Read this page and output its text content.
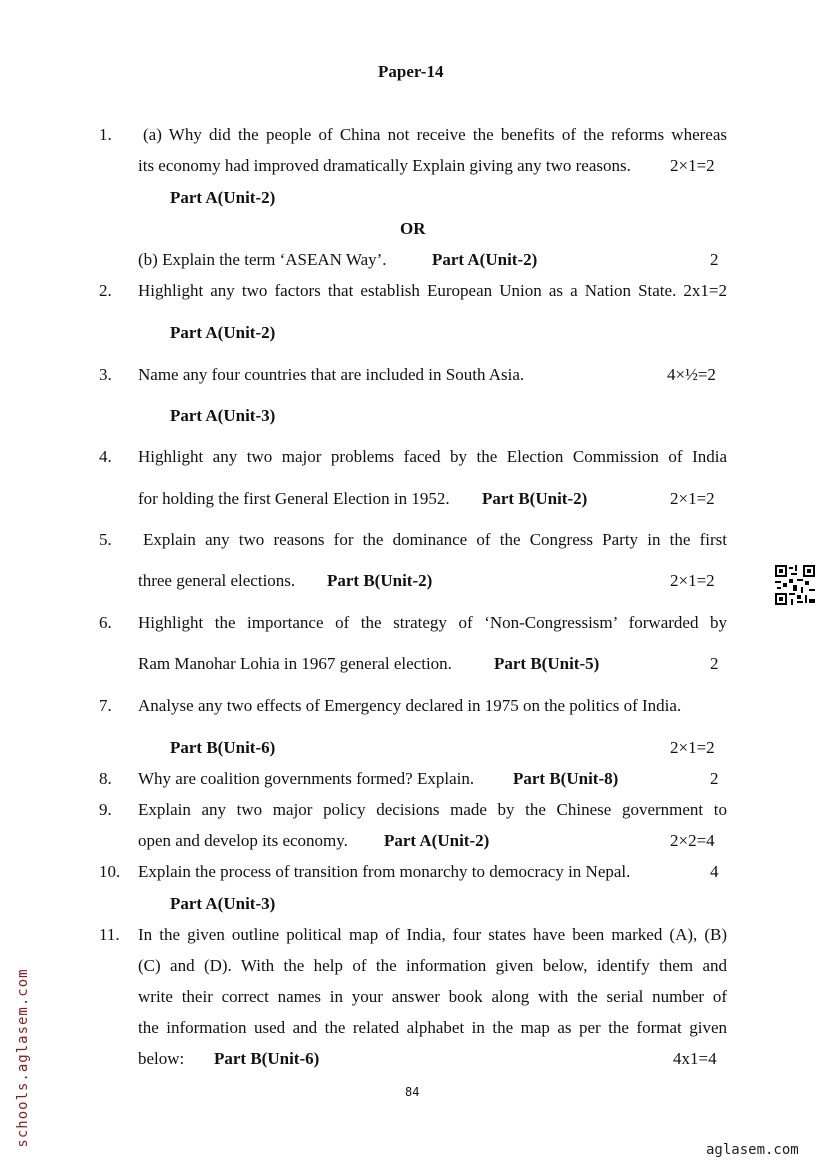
Paper-14
1. (a) Why did the people of China not receive the benefits of the reforms whereas
its economy had improved dramatically Explain giving any two reasons. 2×1=2
Part A(Unit-2)
OR
(b) Explain the term ‘ASEAN Way’.	Part A(Unit-2)	2
2. Highlight any two factors that establish European Union as a Nation State. 2x1=2
Part A(Unit-2)
3. Name any four countries that are included in South Asia.	4×½=2
Part A(Unit-3)
4. Highlight any two major problems faced by the Election Commission of India
for holding the first General Election in 1952. Part B(Unit-2)	2×1=2
5. Explain any two reasons for the dominance of the Congress Party in the first
three general elections. Part B(Unit-2)	2×1=2
6. Highlight the importance of the strategy of ‘Non-Congressism’ forwarded by
Ram Manohar Lohia in 1967 general election. Part B(Unit-5)	2
7. Analyse any two effects of Emergency declared in 1975 on the politics of India.
Part B(Unit-6)	2×1=2
8. Why are coalition governments formed? Explain. Part B(Unit-8)	2
9. Explain any two major policy decisions made by the Chinese government to
open and develop its economy. Part A(Unit-2)	2×2=4
10. Explain the process of transition from monarchy to democracy in Nepal.	4
Part A(Unit-3)
11. In the given outline political map of India, four states have been marked (A), (B)
(C) and (D). With the help of the information given below, identify them and
write their correct names in your answer book along with the serial number of
the information used and the related alphabet in the map as per the format given
below: Part B(Unit-6)	4x1=4
84
schools.aglasem.com
aglasem.com
